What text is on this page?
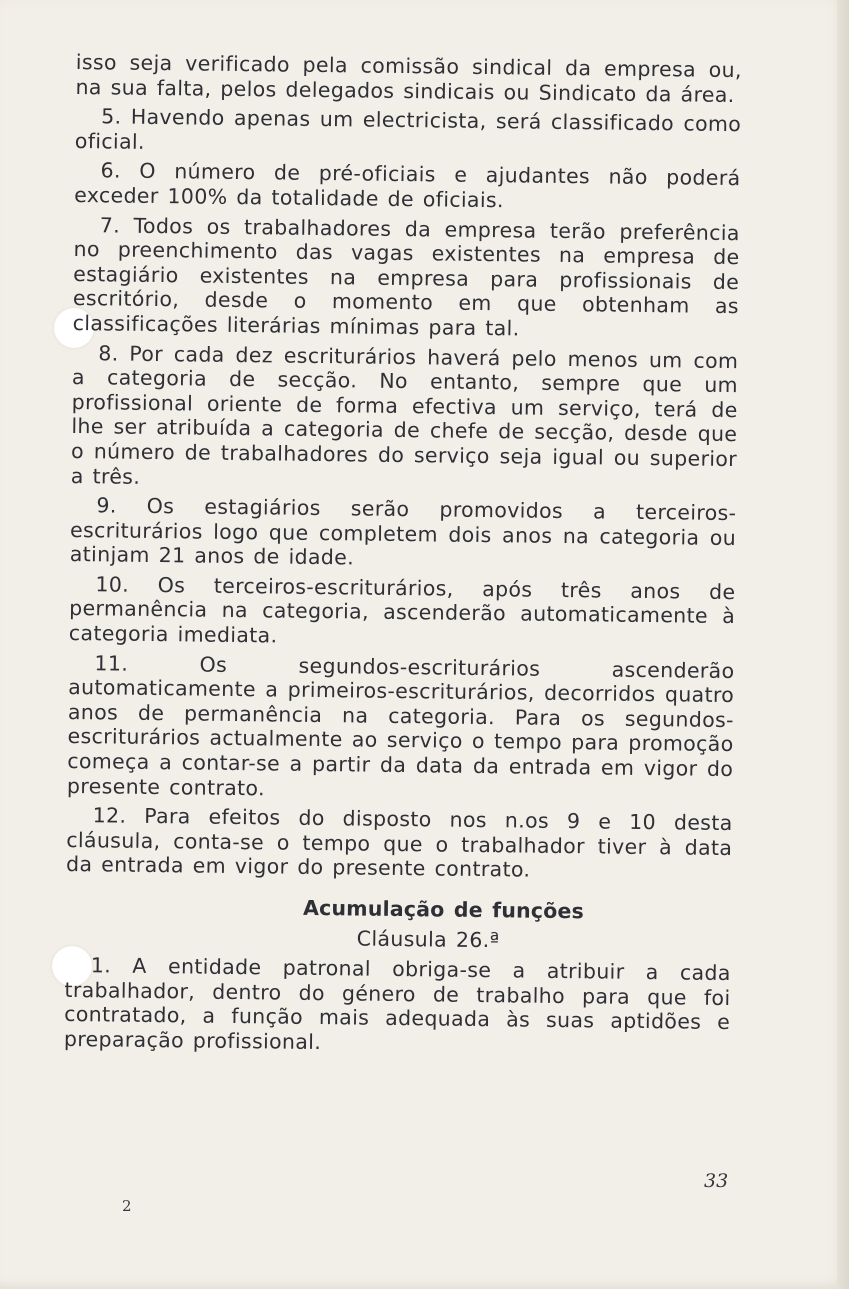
isso seja verificado pela comissão sindical da empresa ou, na sua falta, pelos delegados sindicais ou Sindicato da área.

5. Havendo apenas um electricista, será classificado como oficial.

6. O número de pré-oficiais e ajudantes não poderá exceder 100% da totalidade de oficiais.

7. Todos os trabalhadores da empresa terão preferência no preenchimento das vagas existentes na empresa de estagiário existentes na empresa para profissionais de escritório, desde o momento em que obtenham as classificações literárias mínimas para tal.

8. Por cada dez escriturários haverá pelo menos um com a categoria de secção. No entanto, sempre que um profissional oriente de forma efectiva um serviço, terá de lhe ser atribuída a categoria de chefe de secção, desde que o número de trabalhadores do serviço seja igual ou superior a três.

9. Os estagiários serão promovidos a terceiros-escriturários logo que completem dois anos na categoria ou atinjam 21 anos de idade.

10. Os terceiros-escriturários, após três anos de permanência na categoria, ascenderão automaticamente à categoria imediata.

11. Os segundos-escriturários ascenderão automaticamente a primeiros-escriturários, decorridos quatro anos de permanência na categoria. Para os segundos-escriturários actualmente ao serviço o tempo para promoção começa a contar-se a partir da data da entrada em vigor do presente contrato.

12. Para efeitos do disposto nos n.os 9 e 10 desta cláusula, conta-se o tempo que o trabalhador tiver à data da entrada em vigor do presente contrato.

Acumulação de funções
Cláusula 26.ª

1. A entidade patronal obriga-se a atribuir a cada trabalhador, dentro do género de trabalho para que foi contratado, a função mais adequada às suas aptidões e preparação profissional.

33
2
